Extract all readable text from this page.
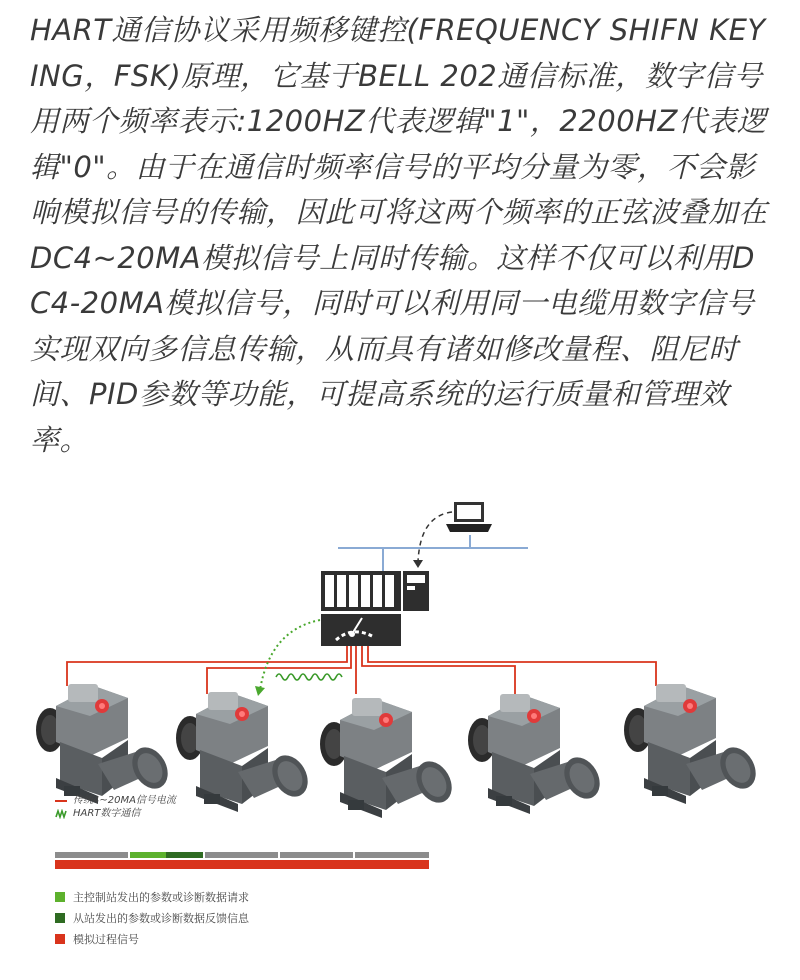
HART通信协议采用频移键控(FREQUENCY SHIFN KEYING，FSK)原理，它基于BELL 202通信标准，数字信号用两个频率表示:1200HZ代表逻辑"1"，2200HZ代表逻辑"0"。由于在通信时频率信号的平均分量为零，不会影响模拟信号的传输，因此可将这两个频率的正弦波叠加在DC4~20MA模拟信号上同时传输。这样不仅可以利用DC4-20MA模拟信号，同时可以利用同一电缆用数字信号实现双向多信息传输，从而具有诸如修改量程、阻尼时间、PID参数等功能，可提高系统的运行质量和管理效率。

传统4~20MA信号电流
HART数字通信
主控制站发出的参数或诊断数据请求
从站发出的参数或诊断数据反馈信息
模拟过程信号
